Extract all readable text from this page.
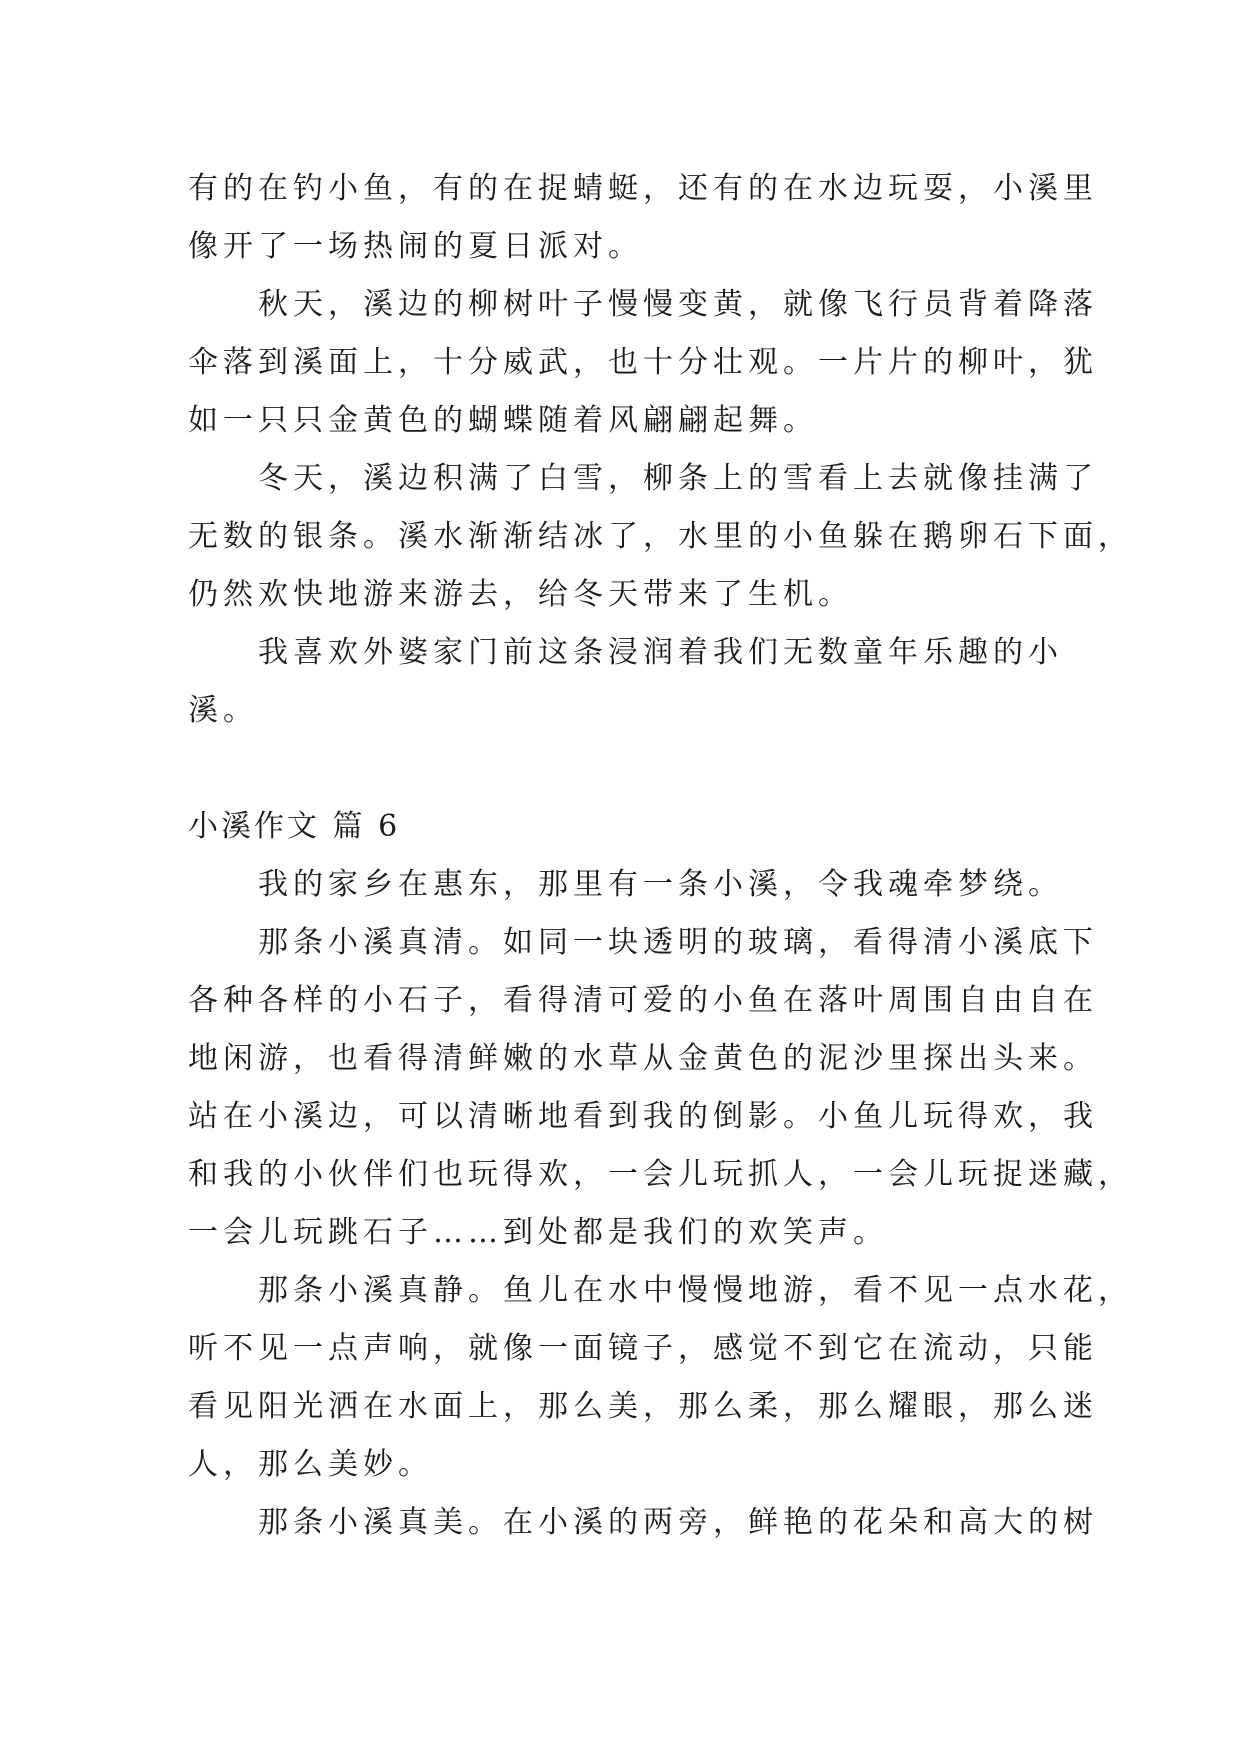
有的在钓小鱼，有的在捉蜻蜓，还有的在水边玩耍，小溪里
像开了一场热闹的夏日派对。
秋天，溪边的柳树叶子慢慢变黄，就像飞行员背着降落
伞落到溪面上，十分威武，也十分壮观。一片片的柳叶，犹
如一只只金黄色的蝴蝶随着风翩翩起舞。
冬天，溪边积满了白雪，柳条上的雪看上去就像挂满了
无数的银条。溪水渐渐结冰了，水里的小鱼躲在鹅卵石下面，
仍然欢快地游来游去，给冬天带来了生机。
我喜欢外婆家门前这条浸润着我们无数童年乐趣的小
溪。
小溪作文 篇 6
我的家乡在惠东，那里有一条小溪，令我魂牵梦绕。
那条小溪真清。如同一块透明的玻璃，看得清小溪底下
各种各样的小石子，看得清可爱的小鱼在落叶周围自由自在
地闲游，也看得清鲜嫩的水草从金黄色的泥沙里探出头来。
站在小溪边，可以清晰地看到我的倒影。小鱼儿玩得欢，我
和我的小伙伴们也玩得欢，一会儿玩抓人，一会儿玩捉迷藏，
一会儿玩跳石子……到处都是我们的欢笑声。
那条小溪真静。鱼儿在水中慢慢地游，看不见一点水花，
听不见一点声响，就像一面镜子，感觉不到它在流动，只能
看见阳光洒在水面上，那么美，那么柔，那么耀眼，那么迷
人，那么美妙。
那条小溪真美。在小溪的两旁，鲜艳的花朵和高大的树
